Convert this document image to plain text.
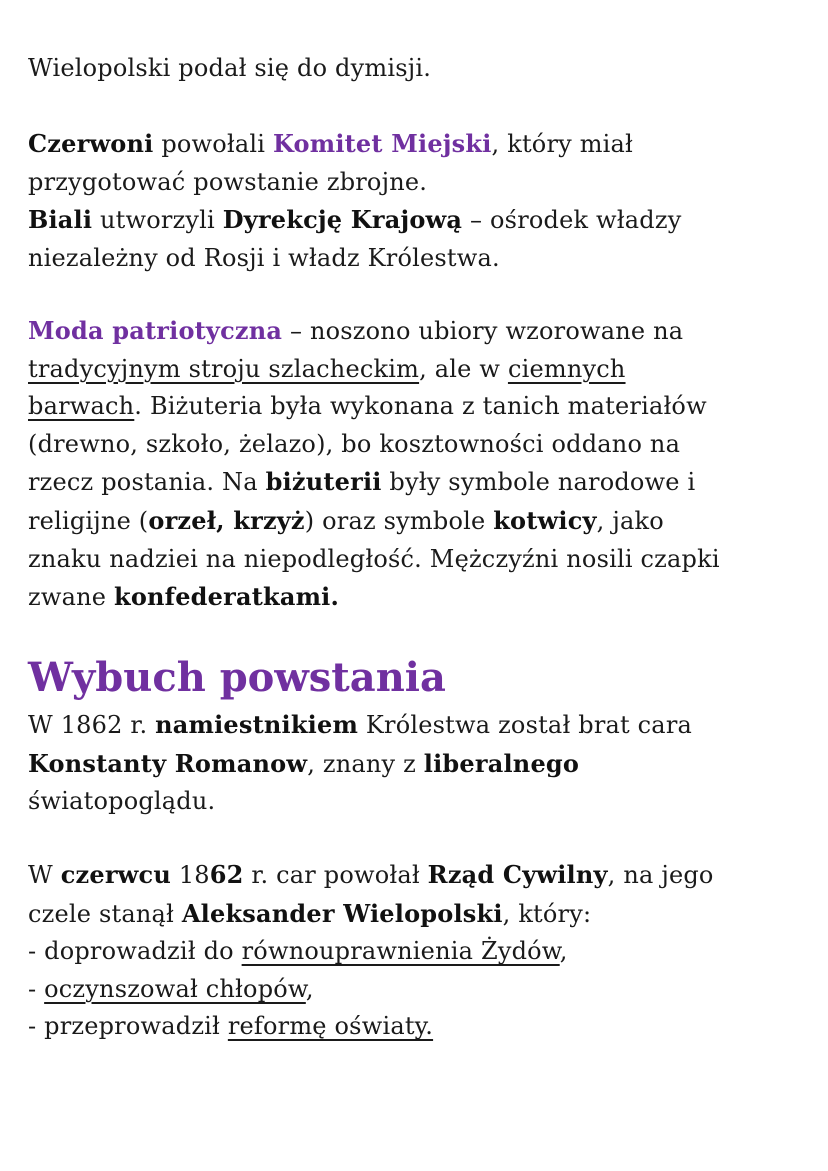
Wielopolski podał się do dymisji.
Czerwoni powołali Komitet Miejski, który miał
przygotować powstanie zbrojne.
Biali utworzyli Dyrekcję Krajową – ośrodek władzy
niezależny od Rosji i władz Królestwa.
Moda patriotyczna – noszono ubiory wzorowane na
tradycyjnym stroju szlacheckim, ale w ciemnych
barwach. Biżuteria była wykonana z tanich materiałów
(drewno, szkoło, żelazo), bo kosztowności oddano na
rzecz postania. Na biżuterii były symbole narodowe i
religijne (orzeł, krzyż) oraz symbole kotwicy, jako
znaku nadziei na niepodległość. Mężczyźni nosili czapki
zwane konfederatkami.
Wybuch powstania
W 1862 r. namiestnikiem Królestwa został brat cara
Konstanty Romanow, znany z liberalnego
światopoglądu.
W czerwcu 1862 r. car powołał Rząd Cywilny, na jego
czele stanął Aleksander Wielopolski, który:
- doprowadził do równouprawnienia Żydów,
- oczynszował chłopów,
- przeprowadził reformę oświaty.
